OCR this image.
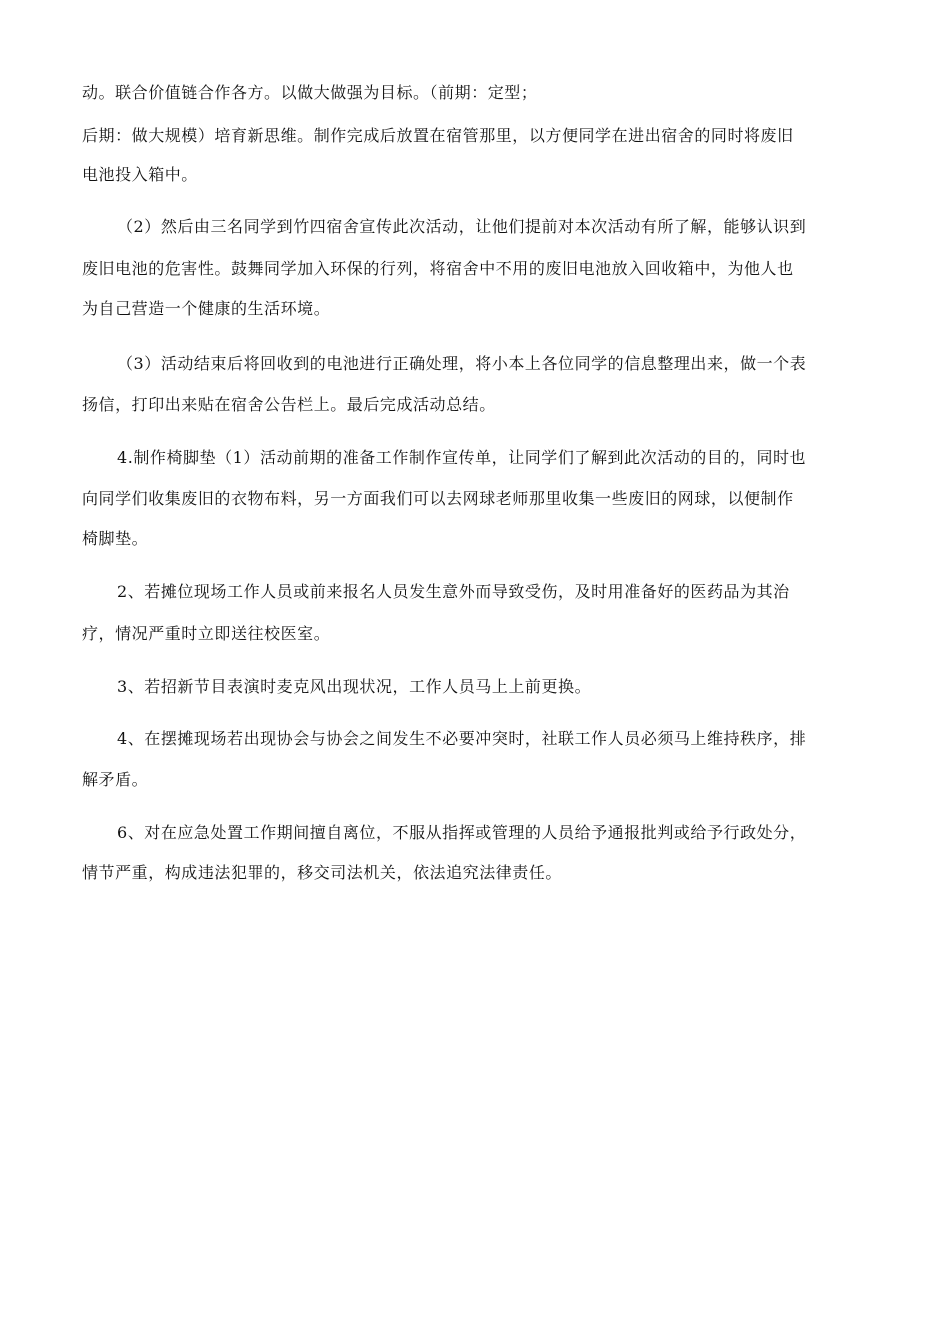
动。联合价值链合作各方。以做大做强为目标。（前期：定型；
后期：做大规模）培育新思维。制作完成后放置在宿管那里，以方便同学在进出宿舍的同时将废旧
电池投入箱中。
（2）然后由三名同学到竹四宿舍宣传此次活动，让他们提前对本次活动有所了解，能够认识到
废旧电池的危害性。鼓舞同学加入环保的行列，将宿舍中不用的废旧电池放入回收箱中，为他人也
为自己营造一个健康的生活环境。
（3）活动结束后将回收到的电池进行正确处理，将小本上各位同学的信息整理出来，做一个表
扬信，打印出来贴在宿舍公告栏上。最后完成活动总结。
4.制作椅脚垫（1）活动前期的准备工作制作宣传单，让同学们了解到此次活动的目的，同时也
向同学们收集废旧的衣物布料，另一方面我们可以去网球老师那里收集一些废旧的网球，以便制作
椅脚垫。
2、若摊位现场工作人员或前来报名人员发生意外而导致受伤，及时用准备好的医药品为其治
疗，情况严重时立即送往校医室。
3、若招新节目表演时麦克风出现状况，工作人员马上上前更换。
4、在摆摊现场若出现协会与协会之间发生不必要冲突时，社联工作人员必须马上维持秩序，排
解矛盾。
6、对在应急处置工作期间擅自离位，不服从指挥或管理的人员给予通报批判或给予行政处分，
情节严重，构成违法犯罪的，移交司法机关，依法追究法律责任。
